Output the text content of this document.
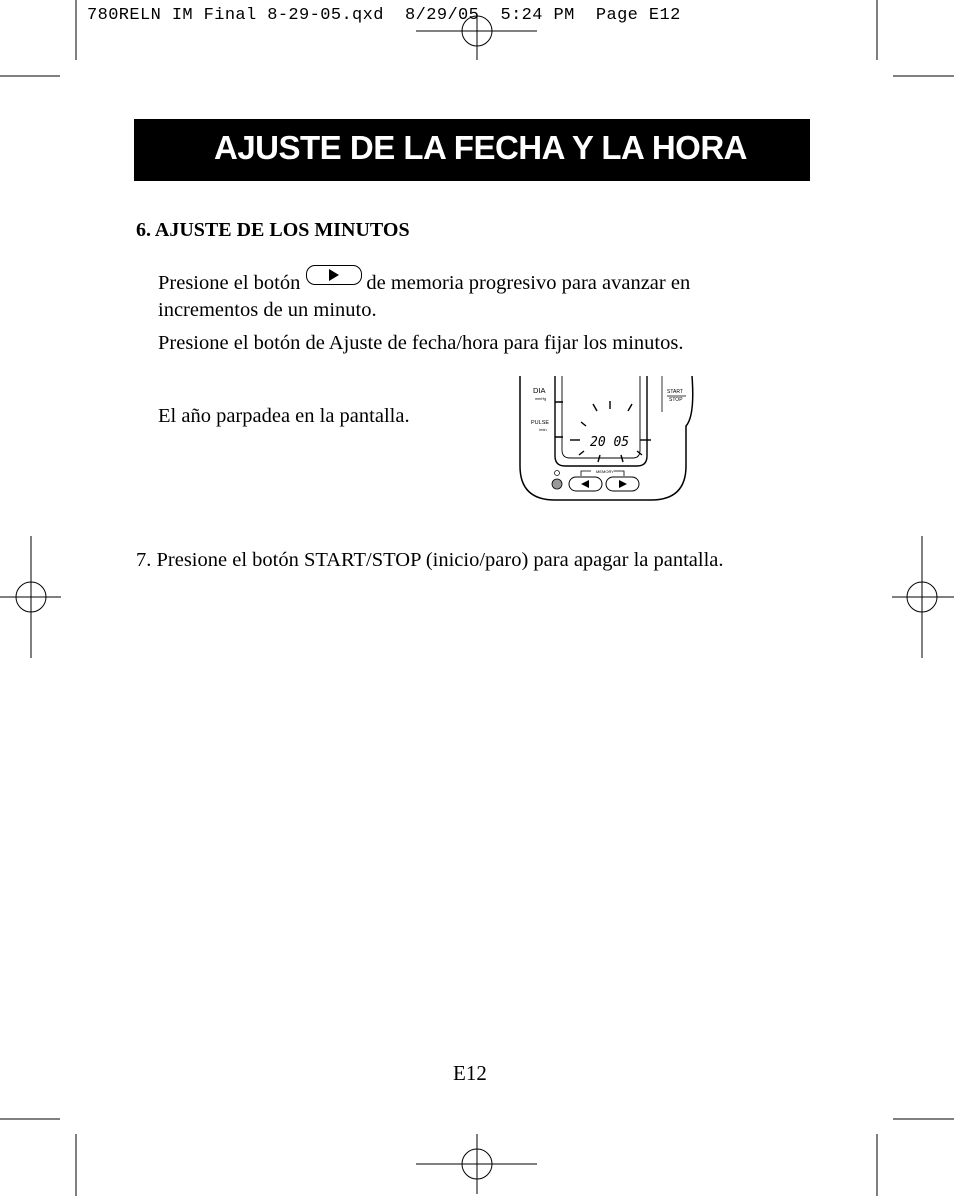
780RELN IM Final 8-29-05.qxd  8/29/05  5:24 PM  Page E12
AJUSTE DE LA FECHA Y LA HORA
6. AJUSTE DE LOS MINUTOS
Presione el botón	de memoria progresivo para avanzar en incrementos de un minuto.
Presione el botón de Ajuste de fecha/hora para fijar los minutos.
El año parpadea en la pantalla.
DIA
mmHg
PULSE
/min
START
STOP
20 05
MEMORY
7. Presione el botón START/STOP (inicio/paro) para apagar la pantalla.
E12
